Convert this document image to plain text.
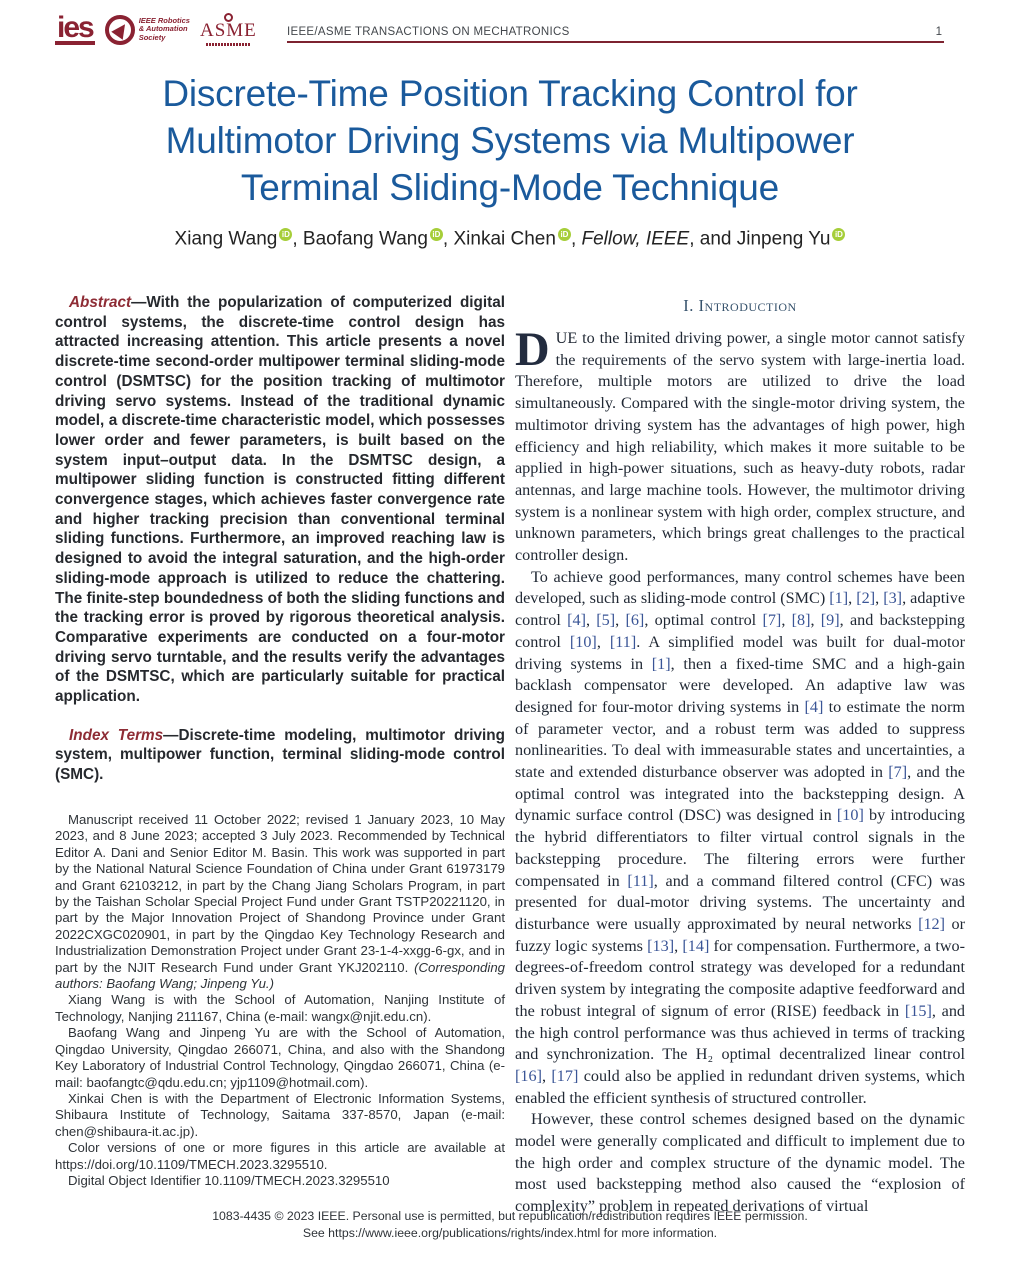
ies	IEEE Robotics
& Automation
Society	ASME	IEEE/ASME TRANSACTIONS ON MECHATRONICS	1
Discrete-Time Position Tracking Control for
Multimotor Driving Systems via Multipower
Terminal Sliding-Mode Technique
Xiang Wang iD , Baofang Wang iD , Xinkai Chen iD , Fellow, IEEE, and Jinpeng Yu iD

Abstract—With the popularization of computerized digital control systems, the discrete-time control design has attracted increasing attention. This article presents a novel discrete-time second-order multipower terminal sliding-mode control (DSMTSC) for the position tracking of multimotor driving servo systems. Instead of the traditional dynamic model, a discrete-time characteristic model, which possesses lower order and fewer parameters, is built based on the system input–output data. In the DSMTSC design, a multipower sliding function is constructed fitting different convergence stages, which achieves faster convergence rate and higher tracking precision than conventional terminal sliding functions. Furthermore, an improved reaching law is designed to avoid the integral saturation, and the high-order sliding-mode approach is utilized to reduce the chattering. The finite-step boundedness of both the sliding functions and the tracking error is proved by rigorous theoretical analysis. Comparative experiments are conducted on a four-motor driving servo turntable, and the results verify the advantages of the DSMTSC, which are particularly suitable for practical application.

Index Terms—Discrete-time modeling, multimotor driving system, multipower function, terminal sliding-mode control (SMC).

Manuscript received 11 October 2022; revised 1 January 2023, 10 May 2023, and 8 June 2023; accepted 3 July 2023. Recommended by Technical Editor A. Dani and Senior Editor M. Basin. This work was supported in part by the National Natural Science Foundation of China under Grant 61973179 and Grant 62103212, in part by the Chang Jiang Scholars Program, in part by the Taishan Scholar Special Project Fund under Grant TSTP20221120, in part by the Major Innovation Project of Shandong Province under Grant 2022CXGC020901, in part by the Qingdao Key Technology Research and Industrialization Demonstration Project under Grant 23-1-4-xxgg-6-gx, and in part by the NJIT Research Fund under Grant YKJ202110. (Corresponding authors: Baofang Wang; Jinpeng Yu.)

Xiang Wang is with the School of Automation, Nanjing Institute of Technology, Nanjing 211167, China (e-mail: wangx@njit.edu.cn).

Baofang Wang and Jinpeng Yu are with the School of Automation, Qingdao University, Qingdao 266071, China, and also with the Shandong Key Laboratory of Industrial Control Technology, Qingdao 266071, China (e-mail: baofangtc@qdu.edu.cn; yjp1109@hotmail.com).

Xinkai Chen is with the Department of Electronic Information Systems, Shibaura Institute of Technology, Saitama 337-8570, Japan (e-mail: chen@shibaura-it.ac.jp).

Color versions of one or more figures in this article are available at https://doi.org/10.1109/TMECH.2023.3295510.

Digital Object Identifier 10.1109/TMECH.2023.3295510

I. Introduction

DUE to the limited driving power, a single motor cannot satisfy the requirements of the servo system with large-inertia load. Therefore, multiple motors are utilized to drive the load simultaneously. Compared with the single-motor driving system, the multimotor driving system has the advantages of high power, high efficiency and high reliability, which makes it more suitable to be applied in high-power situations, such as heavy-duty robots, radar antennas, and large machine tools. However, the multimotor driving system is a nonlinear system with high order, complex structure, and unknown parameters, which brings great challenges to the practical controller design.

To achieve good performances, many control schemes have been developed, such as sliding-mode control (SMC) [1], [2], [3], adaptive control [4], [5], [6], optimal control [7], [8], [9], and backstepping control [10], [11]. A simplified model was built for dual-motor driving systems in [1], then a fixed-time SMC and a high-gain backlash compensator were developed. An adaptive law was designed for four-motor driving systems in [4] to estimate the norm of parameter vector, and a robust term was added to suppress nonlinearities. To deal with immeasurable states and uncertainties, a state and extended disturbance observer was adopted in [7], and the optimal control was integrated into the backstepping design. A dynamic surface control (DSC) was designed in [10] by introducing the hybrid differentiators to filter virtual control signals in the backstepping procedure. The filtering errors were further compensated in [11], and a command filtered control (CFC) was presented for dual-motor driving systems. The uncertainty and disturbance were usually approximated by neural networks [12] or fuzzy logic systems [13], [14] for compensation. Furthermore, a two-degrees-of-freedom control strategy was developed for a redundant driven system by integrating the composite adaptive feedforward and the robust integral of signum of error (RISE) feedback in [15], and the high control performance was thus achieved in terms of tracking and synchronization. The H₂ optimal decentralized linear control [16], [17] could also be applied in redundant driven systems, which enabled the efficient synthesis of structured controller.

However, these control schemes designed based on the dynamic model were generally complicated and difficult to implement due to the high order and complex structure of the dynamic model. The most used backstepping method also caused the “explosion of complexity” problem in repeated derivations of virtual

1083-4435 © 2023 IEEE. Personal use is permitted, but republication/redistribution requires IEEE permission.
See https://www.ieee.org/publications/rights/index.html for more information.
